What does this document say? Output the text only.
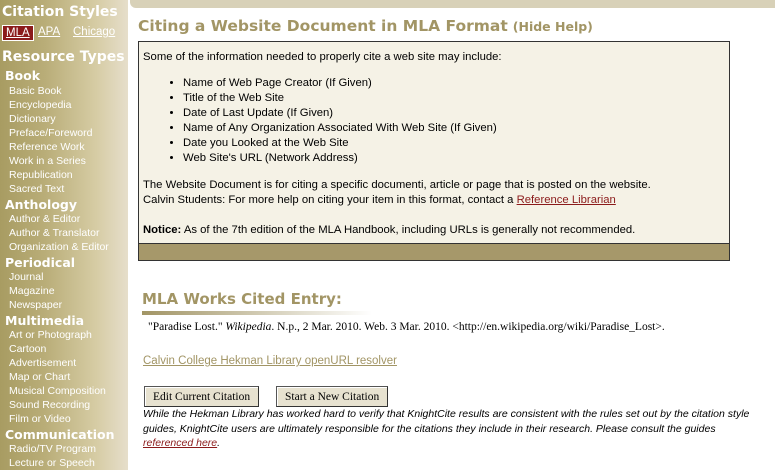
Citation Styles
MLA APA Chicago
Resource Types
Book
Basic Book
Encyclopedia
Dictionary
Preface/Foreword
Reference Work
Work in a Series
Republication
Sacred Text
Anthology
Author & Editor
Author & Translator
Organization & Editor
Periodical
Journal
Magazine
Newspaper
Multimedia
Art or Photograph
Cartoon
Advertisement
Map or Chart
Musical Composition
Sound Recording
Film or Video
Communication
Radio/TV Program
Lecture or Speech
Citing a Website Document in MLA Format (Hide Help)
Some of the information needed to properly cite a web site may include:
• Name of Web Page Creator (If Given)
• Title of the Web Site
• Date of Last Update (If Given)
• Name of Any Organization Associated With Web Site (If Given)
• Date you Looked at the Web Site
• Web Site's URL (Network Address)
The Website Document is for citing a specific documenti, article or page that is posted on the website.
Calvin Students: For more help on citing your item in this format, contact a Reference Librarian
Notice: As of the 7th edition of the MLA Handbook, including URLs is generally not recommended.
MLA Works Cited Entry:
"Paradise Lost." Wikipedia. N.p., 2 Mar. 2010. Web. 3 Mar. 2010. <http://en.wikipedia.org/wiki/Paradise_Lost>.
Calvin College Hekman Library openURL resolver
Edit Current Citation	Start a New Citation
While the Hekman Library has worked hard to verify that KnightCite results are consistent with the rules set out by the citation style guides, KnightCite users are ultimately responsible for the citations they include in their research. Please consult the guides referenced here.
